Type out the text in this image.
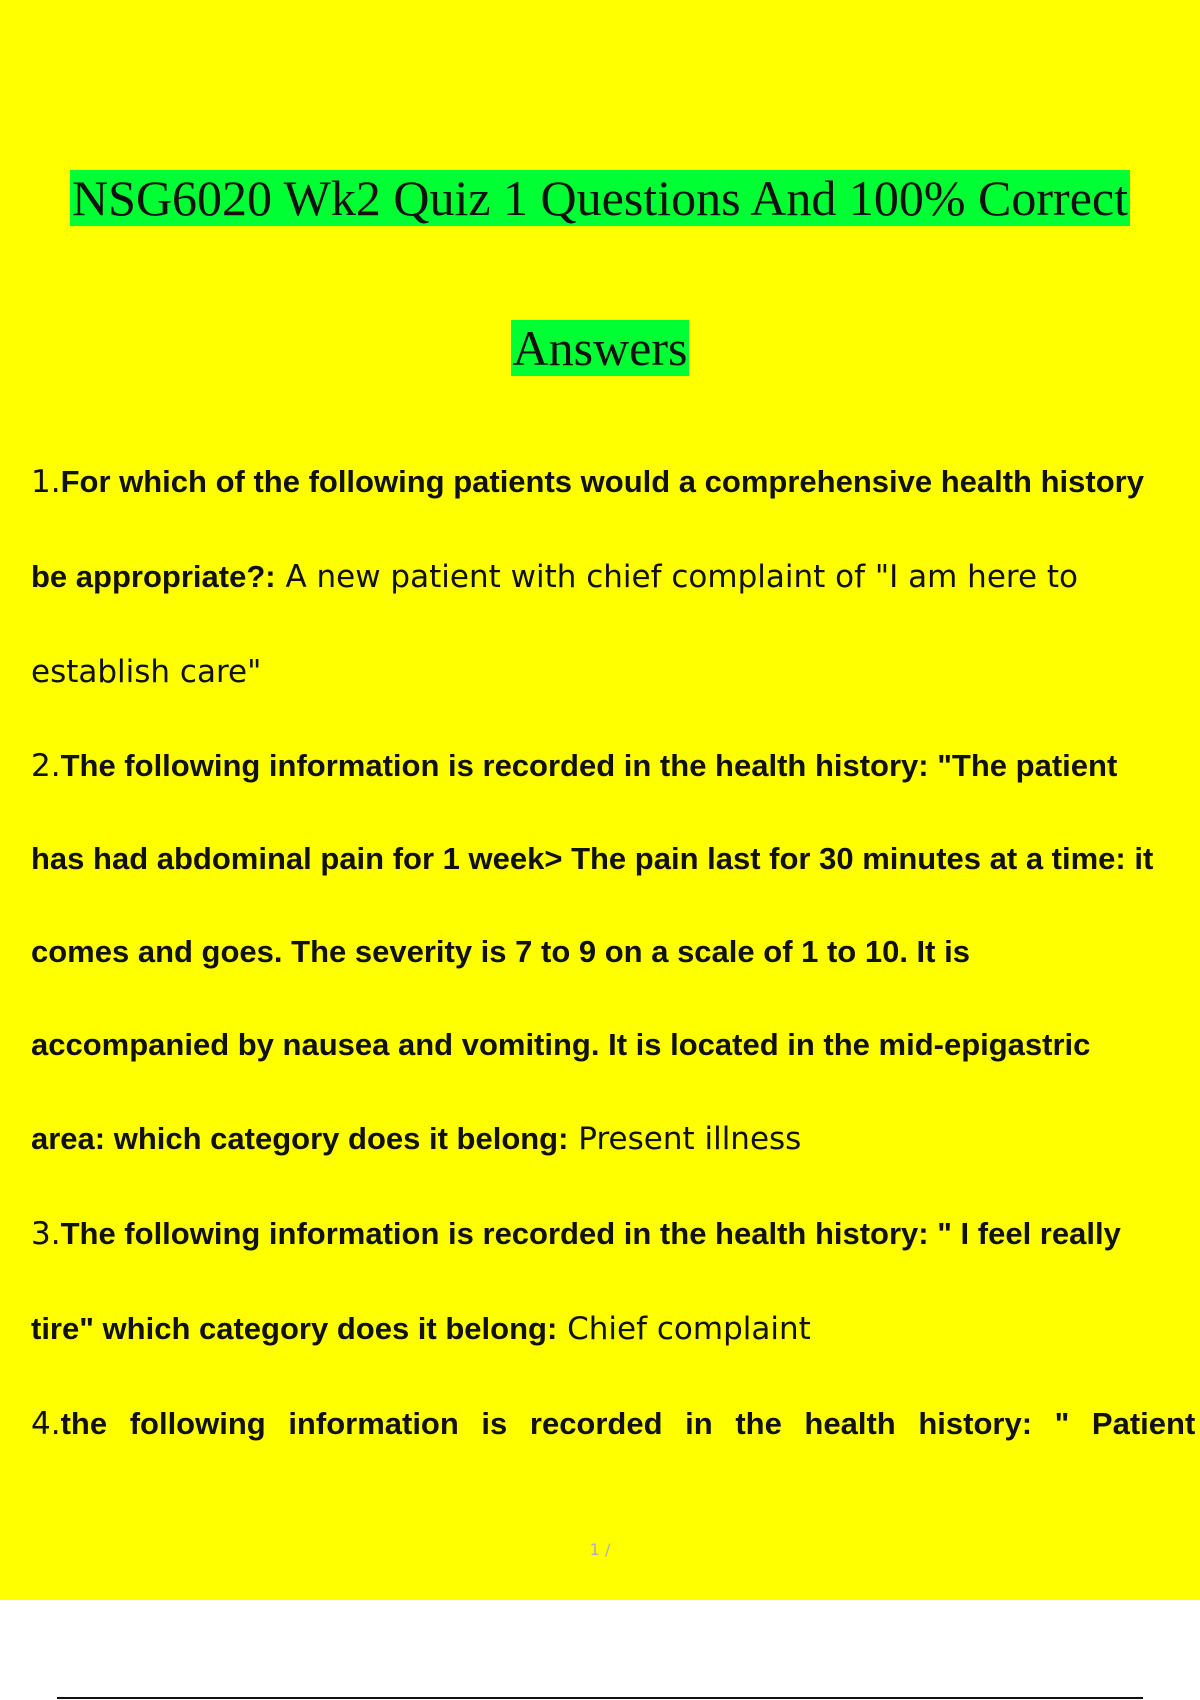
NSG6020 Wk2 Quiz 1 Questions And 100% Correct
Answers
1.For which of the following patients would a comprehensive health history
be appropriate?: A new patient with chief complaint of "I am here to
establish care"
2.The following information is recorded in the health history: "The patient
has had abdominal pain for 1 week> The pain last for 30 minutes at a time: it
comes and goes. The severity is 7 to 9 on a scale of 1 to 10. It is
accompanied by nausea and vomiting. It is located in the mid-epigastric
area: which category does it belong: Present illness
3.The following information is recorded in the health history: " I feel really
tire" which category does it belong: Chief complaint
4.the following information is recorded in the health history: " Patient
1 /
